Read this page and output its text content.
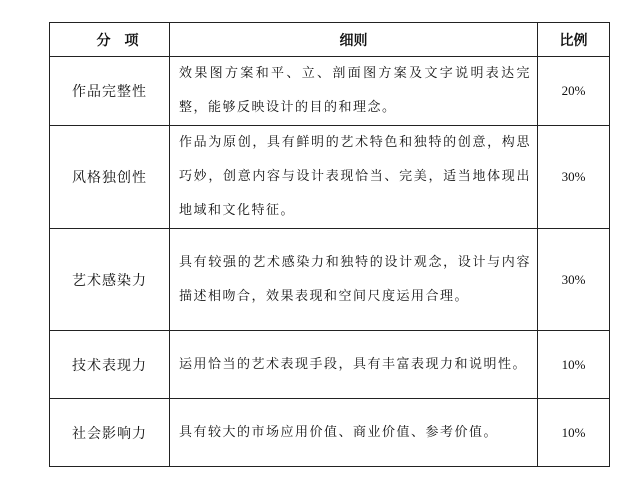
分　项	细则	比例
作品完整性	效果图方案和平、立、剖面图方案及文字说明表达完整，能够反映设计的目的和理念。	20%
风格独创性	作品为原创，具有鲜明的艺术特色和独特的创意，构思巧妙，创意内容与设计表现恰当、完美，适当地体现出地域和文化特征。	30%
艺术感染力	具有较强的艺术感染力和独特的设计观念，设计与内容描述相吻合，效果表现和空间尺度运用合理。	30%
技术表现力	运用恰当的艺术表现手段，具有丰富表现力和说明性。	10%
社会影响力	具有较大的市场应用价值、商业价值、参考价值。	10%
